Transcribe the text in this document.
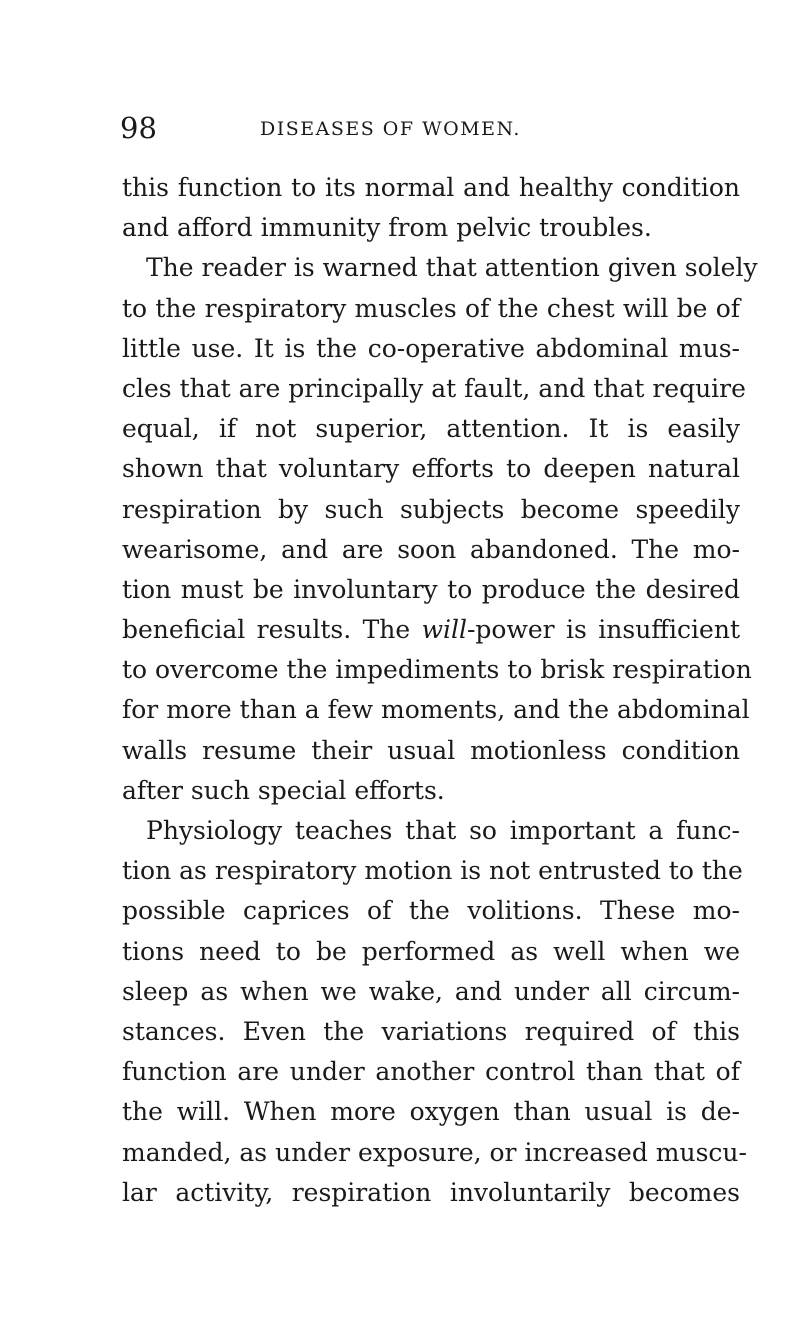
98	DISEASES OF WOMEN.
this function to its normal and healthy condition
and afford immunity from pelvic troubles.
The reader is warned that attention given solely
to the respiratory muscles of the chest will be of
little use. It is the co-operative abdominal mus-
cles that are principally at fault, and that require
equal, if not superior, attention. It is easily
shown that voluntary efforts to deepen natural
respiration by such subjects become speedily
wearisome, and are soon abandoned. The mo-
tion must be involuntary to produce the desired
beneficial results. The will-power is insufficient
to overcome the impediments to brisk respiration
for more than a few moments, and the abdominal
walls resume their usual motionless condition
after such special efforts.
Physiology teaches that so important a func-
tion as respiratory motion is not entrusted to the
possible caprices of the volitions. These mo-
tions need to be performed as well when we
sleep as when we wake, and under all circum-
stances. Even the variations required of this
function are under another control than that of
the will. When more oxygen than usual is de-
manded, as under exposure, or increased muscu-
lar activity, respiration involuntarily becomes
